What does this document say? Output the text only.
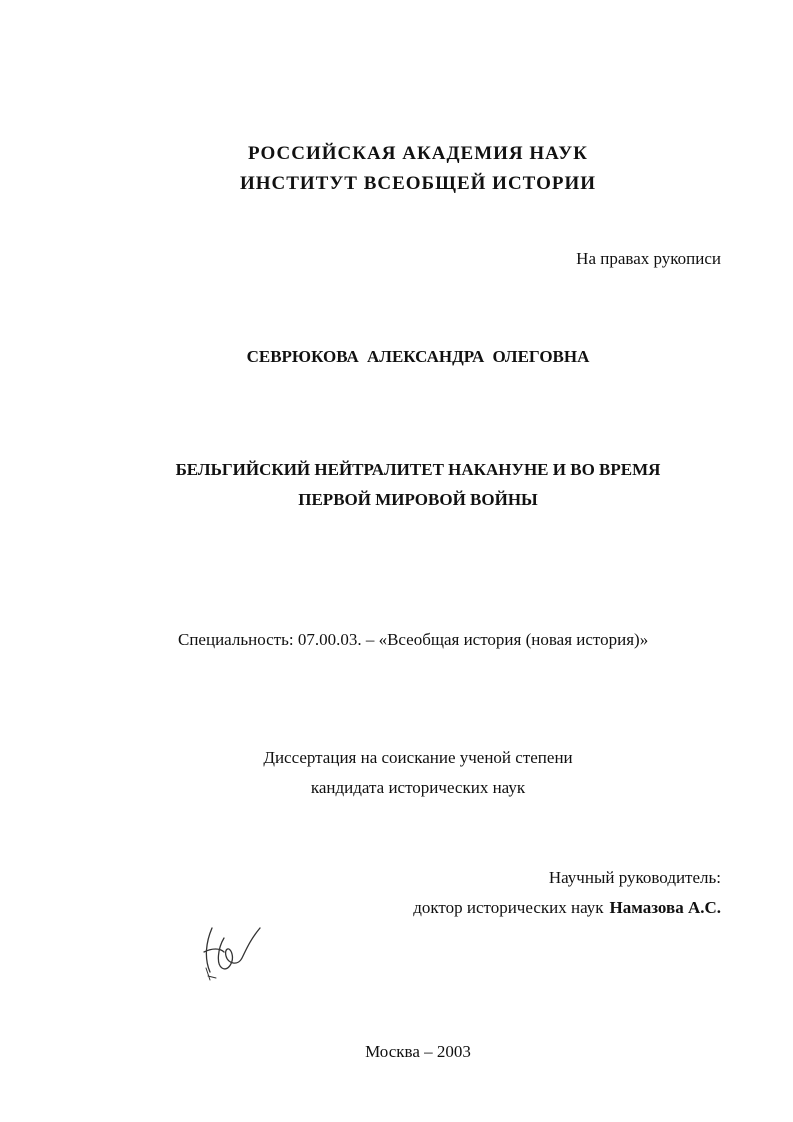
РОССИЙСКАЯ АКАДЕМИЯ НАУК
ИНСТИТУТ ВСЕОБЩЕЙ ИСТОРИИ
На правах рукописи
СЕВРЮКОВА АЛЕКСАНДРА ОЛЕГОВНА
БЕЛЬГИЙСКИЙ НЕЙТРАЛИТЕТ НАКАНУНЕ И ВО ВРЕМЯ
ПЕРВОЙ МИРОВОЙ ВОЙНЫ
Специальность: 07.00.03. – «Всеобщая история (новая история)»
Диссертация на соискание ученой степени
кандидата исторических наук
Научный руководитель:
доктор исторических наук Намазова А.С.
Москва – 2003
